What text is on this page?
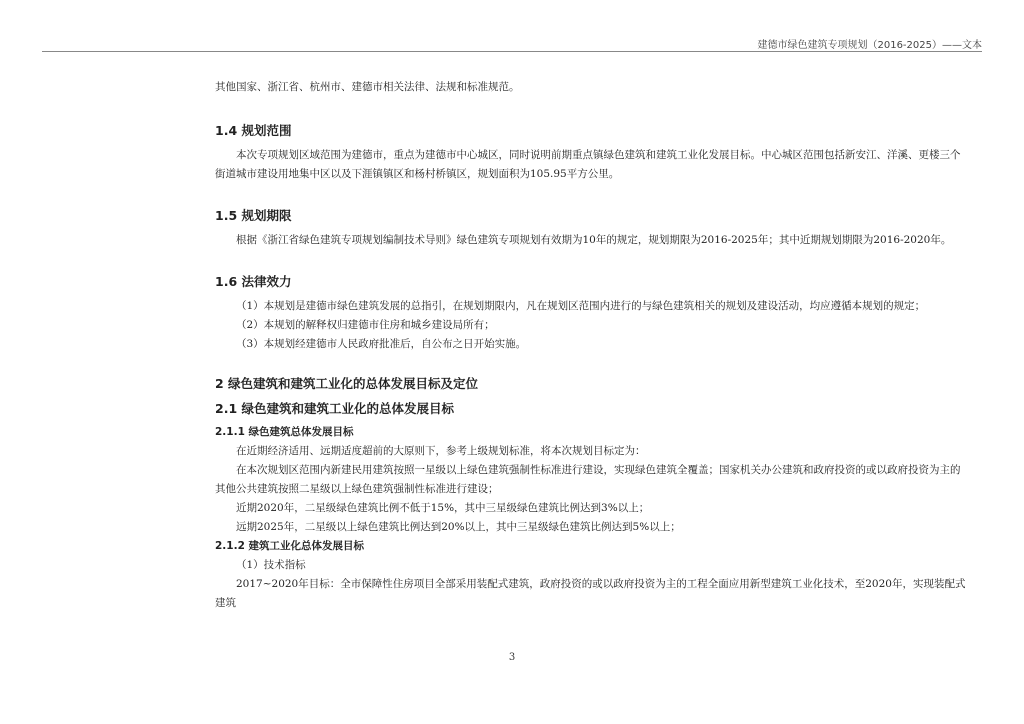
建德市绿色建筑专项规划（2016-2025）——文本

其他国家、浙江省、杭州市、建德市相关法律、法规和标准规范。

1.4 规划范围

本次专项规划区域范围为建德市，重点为建德市中心城区，同时说明前期重点镇绿色建筑和建筑工业化发展目标。中心城区范围包括新安江、洋溪、更楼三个街道城市建设用地集中区以及下涯镇镇区和杨村桥镇区，规划面积为105.95平方公里。

1.5 规划期限

根据《浙江省绿色建筑专项规划编制技术导则》绿色建筑专项规划有效期为10年的规定，规划期限为2016-2025年；其中近期规划期限为2016-2020年。

1.6 法律效力

（1）本规划是建德市绿色建筑发展的总指引，在规划期限内，凡在规划区范围内进行的与绿色建筑相关的规划及建设活动，均应遵循本规划的规定；

（2）本规划的解释权归建德市住房和城乡建设局所有；

（3）本规划经建德市人民政府批准后，自公布之日开始实施。

2 绿色建筑和建筑工业化的总体发展目标及定位
2.1 绿色建筑和建筑工业化的总体发展目标
2.1.1 绿色建筑总体发展目标

在近期经济适用、远期适度超前的大原则下，参考上级规划标准，将本次规划目标定为：

在本次规划区范围内新建民用建筑按照一星级以上绿色建筑强制性标准进行建设，实现绿色建筑全覆盖；国家机关办公建筑和政府投资的或以政府投资为主的其他公共建筑按照二星级以上绿色建筑强制性标准进行建设；

近期2020年，二星级绿色建筑比例不低于15%，其中三星级绿色建筑比例达到3%以上；

远期2025年，二星级以上绿色建筑比例达到20%以上，其中三星级绿色建筑比例达到5%以上；

2.1.2 建筑工业化总体发展目标

（1）技术指标

2017~2020年目标：全市保障性住房项目全部采用装配式建筑，政府投资的或以政府投资为主的工程全面应用新型建筑工业化技术，至2020年，实现装配式建筑

3
